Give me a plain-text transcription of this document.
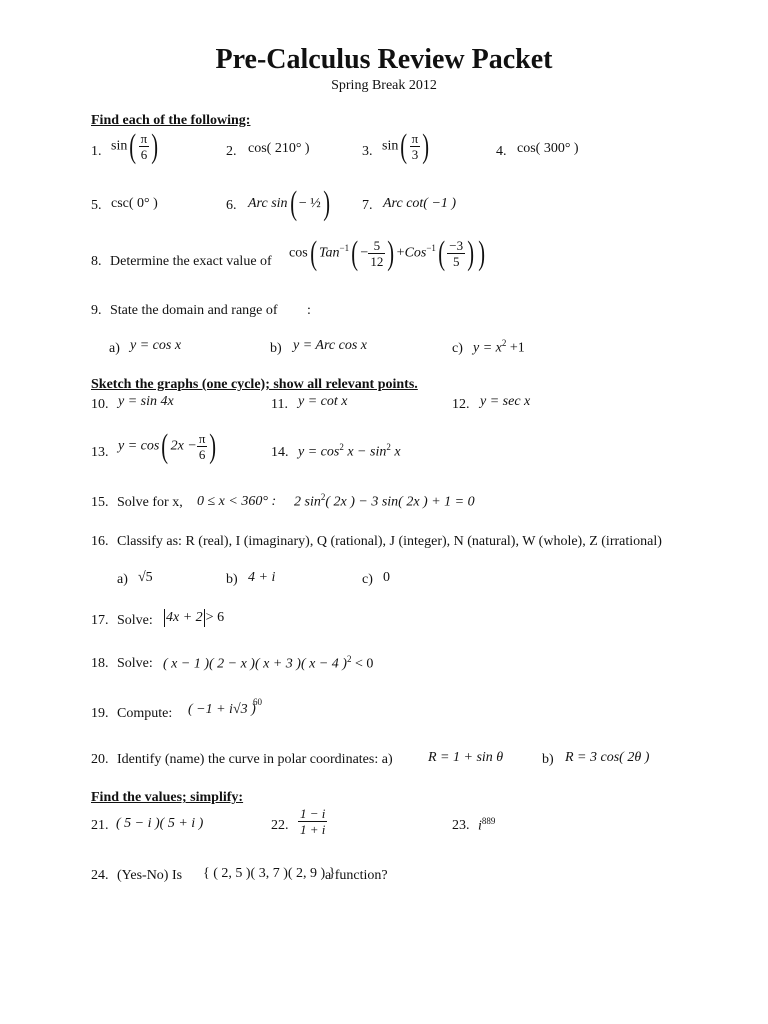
Pre-Calculus Review Packet
Spring Break 2012
Find each of the following:
1. $\sin( \frac{\pi}{6}$ )	2. cos( 210° )	3. $\sin( \frac{\pi}{3}$ )	4. cos( 300° )
5. csc( 0° )	6. Arc sin( − ½) 7. Arc cot( −1 )
8. Determine the exact value of
cos( $Tan^{-1}( - \frac{5}{12}$ ) $+Cos^{-1}( \frac{-3}{5}$ ) )
9. State the domain and range of :
a) y = cos x	b) y = Arc cos x	c) $y = x^2 +1$
Sketch the graphs (one cycle); show all relevant points.
10. y = sin 4x	11. y = cot x	12. y = sec x
13. y = cos( $2x - \frac{\pi}{6}$ )	14. $y = \cos^2 x - \sin^2 x$
15. Solve for x, 0 ≤ x < 360° : 2 $\sin^2$( 2x ) − 3 sin( 2x ) + 1 = 0
16. Classify as: R (real), I (imaginary), Q (rational), J (integer), N (natural), W (whole), Z (irrational)
a) √5	b) 4 + i	c) 0
17. Solve: 4x + 2 > 6
18. Solve: ( x − 1 )( 2 − x )( x + 3 )( x − 4 )$^2$ < 0
19. Compute: ( −1 + i√3 )
60
20. Identify (name) the curve in polar coordinates: a)	R = 1 + sin θ	b) R = 3 cos( 2θ )
Find the values; simplify:
21. ( 5 − i )( 5 + i )	22. $\frac{1 - i}{1 + i}$	23. $i^{889}$
24. (Yes-No) Is { ( 2, 5 )( 3, 7 )( 2, 9 ) }
a function?
